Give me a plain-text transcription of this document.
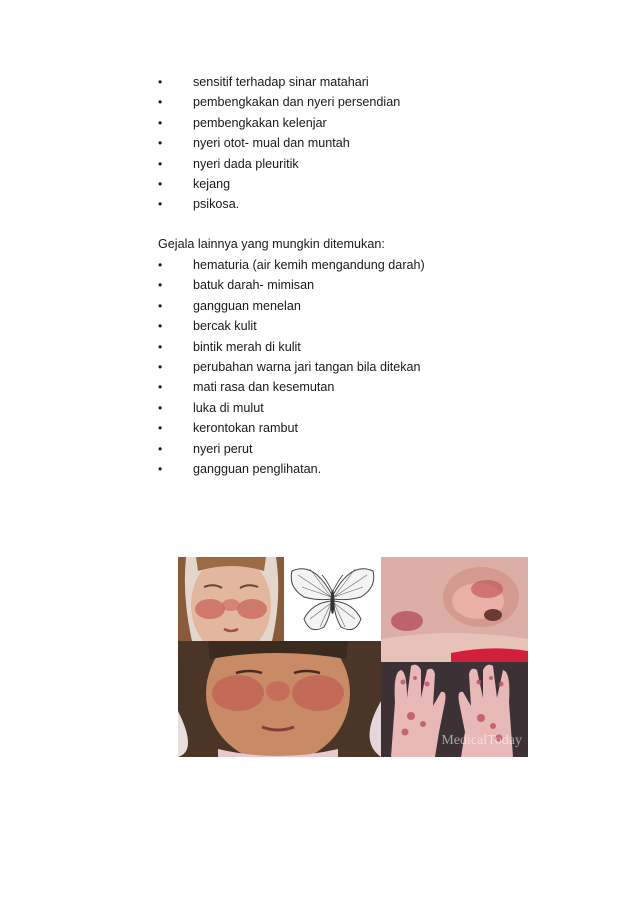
• sensitif terhadap sinar matahari
• pembengkakan dan nyeri persendian
• pembengkakan kelenjar
• nyeri otot- mual dan muntah
• nyeri dada pleuritik
• kejang
• psikosa.

Gejala lainnya yang mungkin ditemukan:

• hematuria (air kemih mengandung darah)
• batuk darah- mimisan
• gangguan menelan
• bercak kulit
• bintik merah di kulit
• perubahan warna jari tangan bila ditekan
• mati rasa dan kesemutan
• luka di mulut
• kerontokan rambut
• nyeri perut
• gangguan penglihatan.
MedicalToday
